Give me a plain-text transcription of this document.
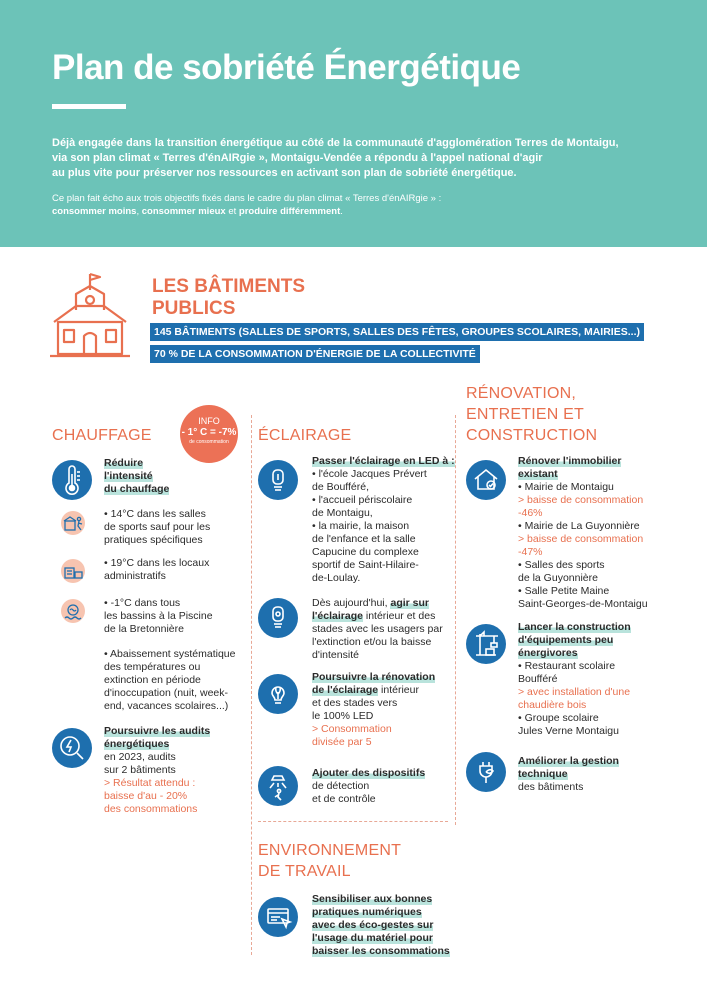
Plan de sobriété Énergétique
Déjà engagée dans la transition énergétique au côté de la communauté d'agglomération Terres de Montaigu,
via son plan climat « Terres d'énAIRgie », Montaigu-Vendée a répondu à l'appel national d'agir
au plus vite pour préserver nos ressources en activant son plan de sobriété énergétique.
Ce plan fait écho aux trois objectifs fixés dans le cadre du plan climat « Terres d'énAIRgie » :
consommer moins, consommer mieux et produire différemment.
LES BÂTIMENTS
PUBLICS
145 BÂTIMENTS (SALLES DE SPORTS, SALLES DES FÊTES, GROUPES SCOLAIRES, MAIRIES...)
70 % DE LA CONSOMMATION D'ÉNERGIE DE LA COLLECTIVITÉ
CHAUFFAGE	ÉCLAIRAGE
RÉNOVATION,
ENTRETIEN ET
CONSTRUCTION
INFO
- 1° C = -7%
de consommation
Réduire
l'intensité
du chauffage
• 14°C dans les salles
de sports sauf pour les
pratiques spécifiques
• 19°C dans les locaux
administratifs
• -1°C dans tous
les bassins à la Piscine
de la Bretonnière
• Abaissement systématique
des températures ou
extinction en période
d'inoccupation (nuit, week-
end, vacances scolaires...)
Poursuivre les audits
énergétiques
en 2023, audits
sur 2 bâtiments
> Résultat attendu :
baisse d'au - 20%
des consommations
Passer l'éclairage en LED à :
• l'école Jacques Prévert
de Boufféré,
• l'accueil périscolaire
de Montaigu,
• la mairie, la maison
de l'enfance et la salle
Capucine du complexe
sportif de Saint-Hilaire-
de-Loulay.
Dès aujourd'hui, agir sur
l'éclairage intérieur et des
stades avec les usagers par
l'extinction et/ou la baisse
d'intensité
Poursuivre la rénovation
de l'éclairage intérieur
et des stades vers
le 100% LED
> Consommation
divisée par 5
Ajouter des dispositifs
de détection
et de contrôle
ENVIRONNEMENT
DE TRAVAIL
Sensibiliser aux bonnes
pratiques numériques
avec des éco-gestes sur
l'usage du matériel pour
baisser les consommations
Rénover l'immobilier
existant
• Mairie de Montaigu
> baisse de consommation
-46%
• Mairie de La Guyonnière
> baisse de consommation
-47%
• Salles des sports
de la Guyonnière
• Salle Petite Maine
Saint-Georges-de-Montaigu
Lancer la construction
d'équipements peu
énergivores
• Restaurant scolaire
Boufféré
> avec installation d'une
chaudière bois
• Groupe scolaire
Jules Verne Montaigu
Améliorer la gestion
technique
des bâtiments
